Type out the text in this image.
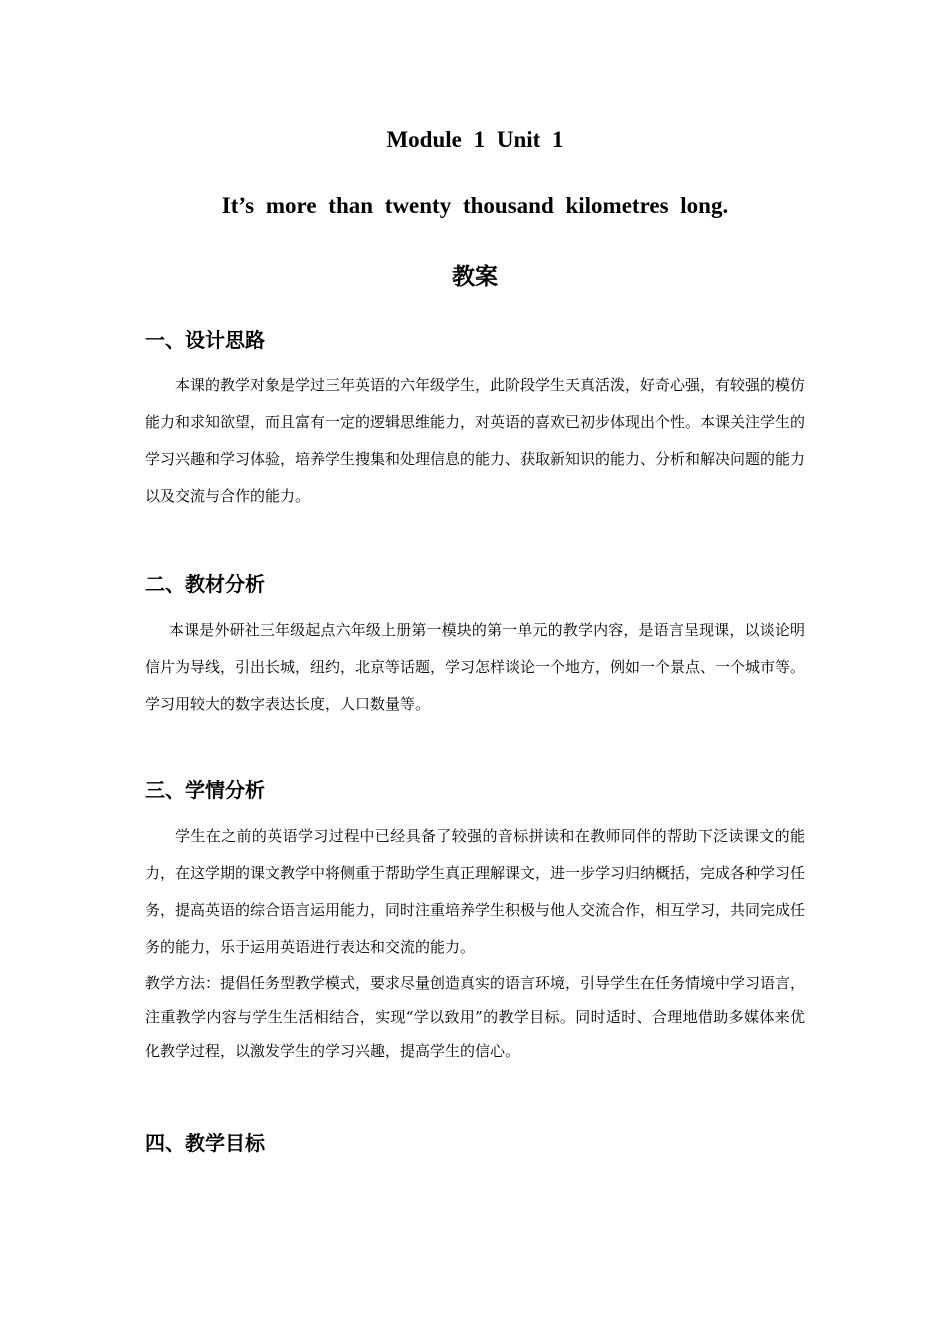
Module 1 Unit 1
It’s more than twenty thousand kilometres long.
教案
一、设计思路

本课的教学对象是学过三年英语的六年级学生，此阶段学生天真活泼，好奇心强，有较强的模仿能力和求知欲望，而且富有一定的逻辑思维能力，对英语的喜欢已初步体现出个性。本课关注学生的学习兴趣和学习体验，培养学生搜集和处理信息的能力、获取新知识的能力、分析和解决问题的能力以及交流与合作的能力。

二、教材分析

本课是外研社三年级起点六年级上册第一模块的第一单元的教学内容，是语言呈现课，以谈论明信片为导线，引出长城，纽约，北京等话题，学习怎样谈论一个地方，例如一个景点、一个城市等。学习用较大的数字表达长度，人口数量等。

三、学情分析

学生在之前的英语学习过程中已经具备了较强的音标拼读和在教师同伴的帮助下泛读课文的能力，在这学期的课文教学中将侧重于帮助学生真正理解课文，进一步学习归纳概括，完成各种学习任务，提高英语的综合语言运用能力，同时注重培养学生积极与他人交流合作，相互学习，共同完成任务的能力，乐于运用英语进行表达和交流的能力。

教学方法：提倡任务型教学模式，要求尽量创造真实的语言环境，引导学生在任务情境中学习语言，注重教学内容与学生生活相结合，实现“学以致用”的教学目标。同时适时、合理地借助多媒体来优化教学过程，以激发学生的学习兴趣，提高学生的信心。

四、教学目标
